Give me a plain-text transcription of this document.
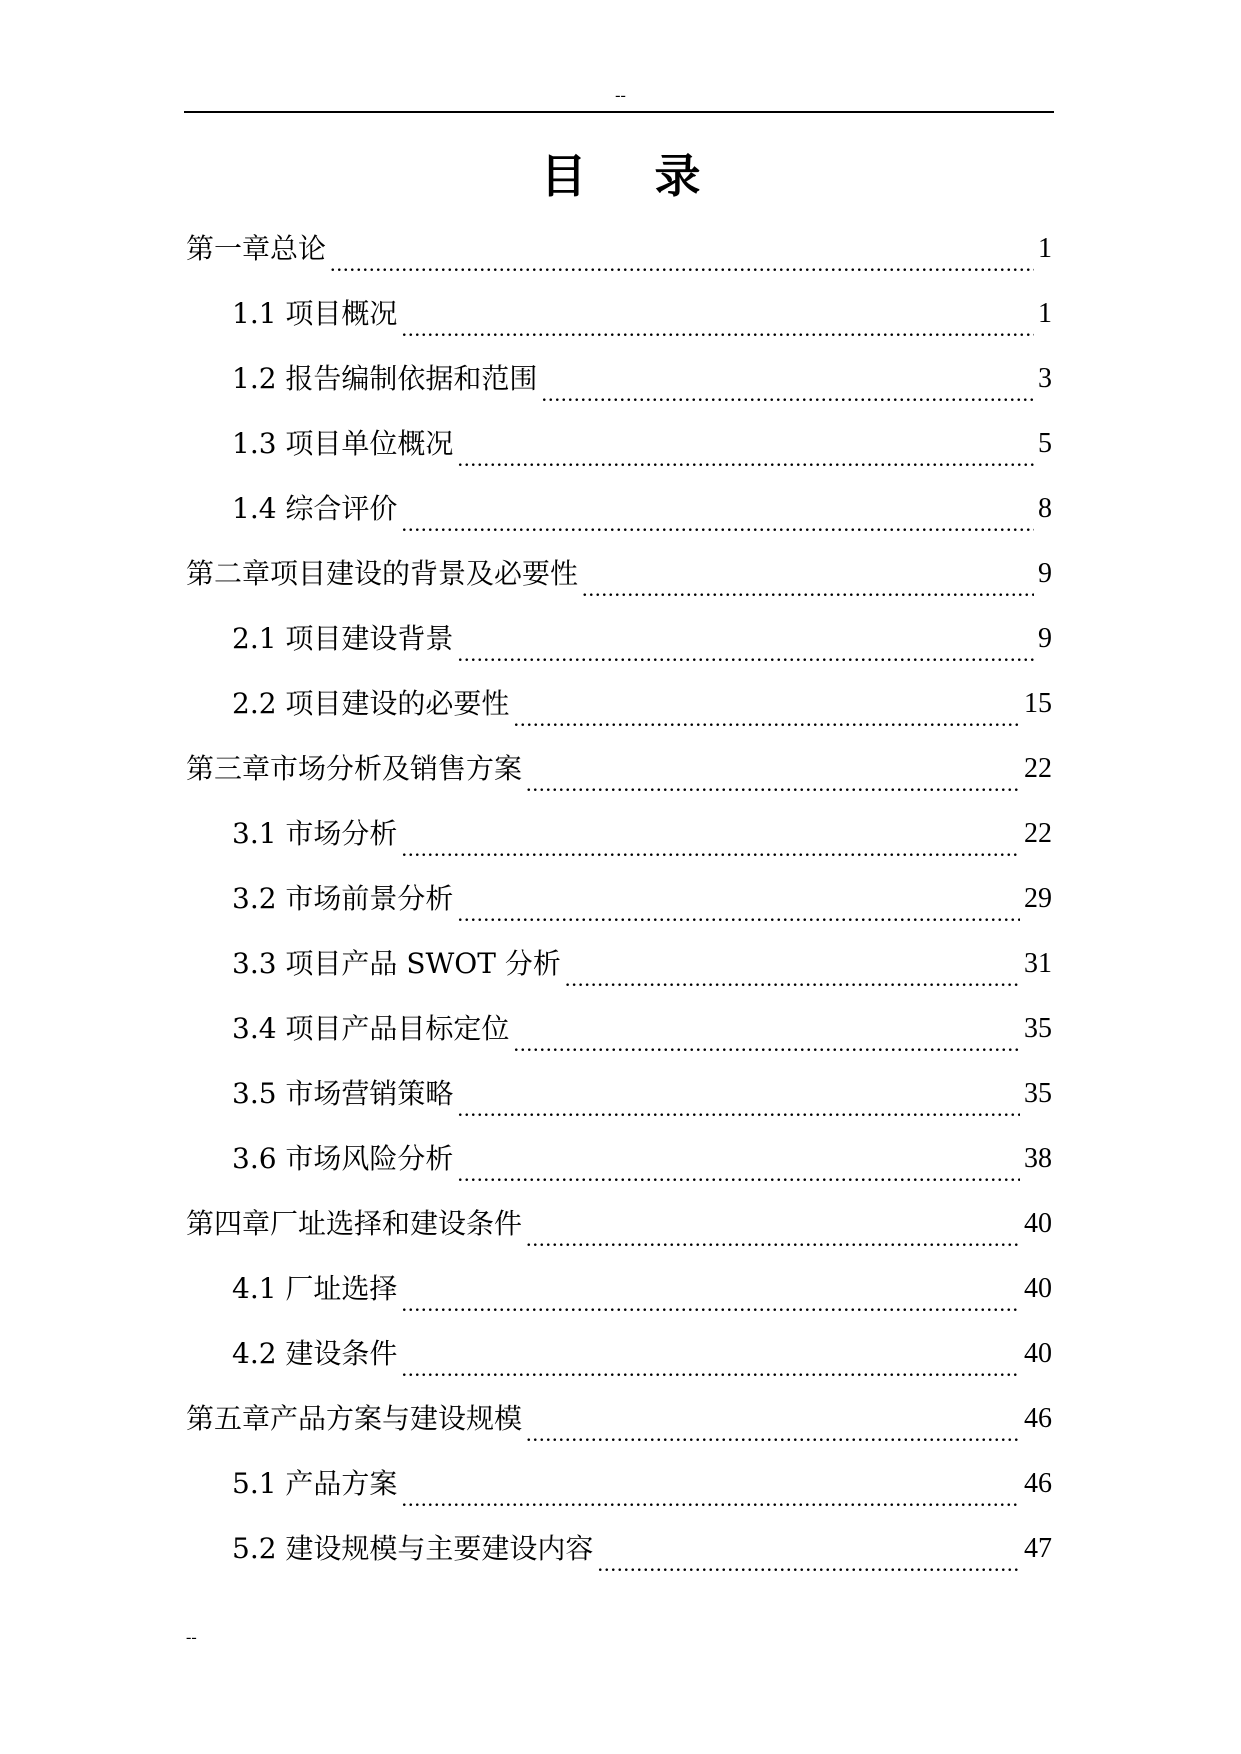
--
目 录
第一章 总论 .....	1
1.1 项目概况 .....	1
1.2 报告编制依据和范围 .....	3
1.3 项目单位概况 .....	5
1.4 综合评价 .....	8
第二章 项目建设的背景及必要性 .....	9
2.1 项目建设背景 .....	9
2.2 项目建设的必要性 .....	15
第三章 市场分析及销售方案 .....	22
3.1 市场分析 .....	22
3.2 市场前景分析 .....	29
3.3 项目产品 SWOT 分析 .....	31
3.4 项目产品目标定位 .....	35
3.5 市场营销策略 .....	35
3.6 市场风险分析 .....	38
第四章 厂址选择和建设条件 .....	40
4.1 厂址选择 .....	40
4.2 建设条件 .....	40
第五章 产品方案与建设规模 .....	46
5.1 产品方案 .....	46
5.2 建设规模与主要建设内容 .....	47
--
